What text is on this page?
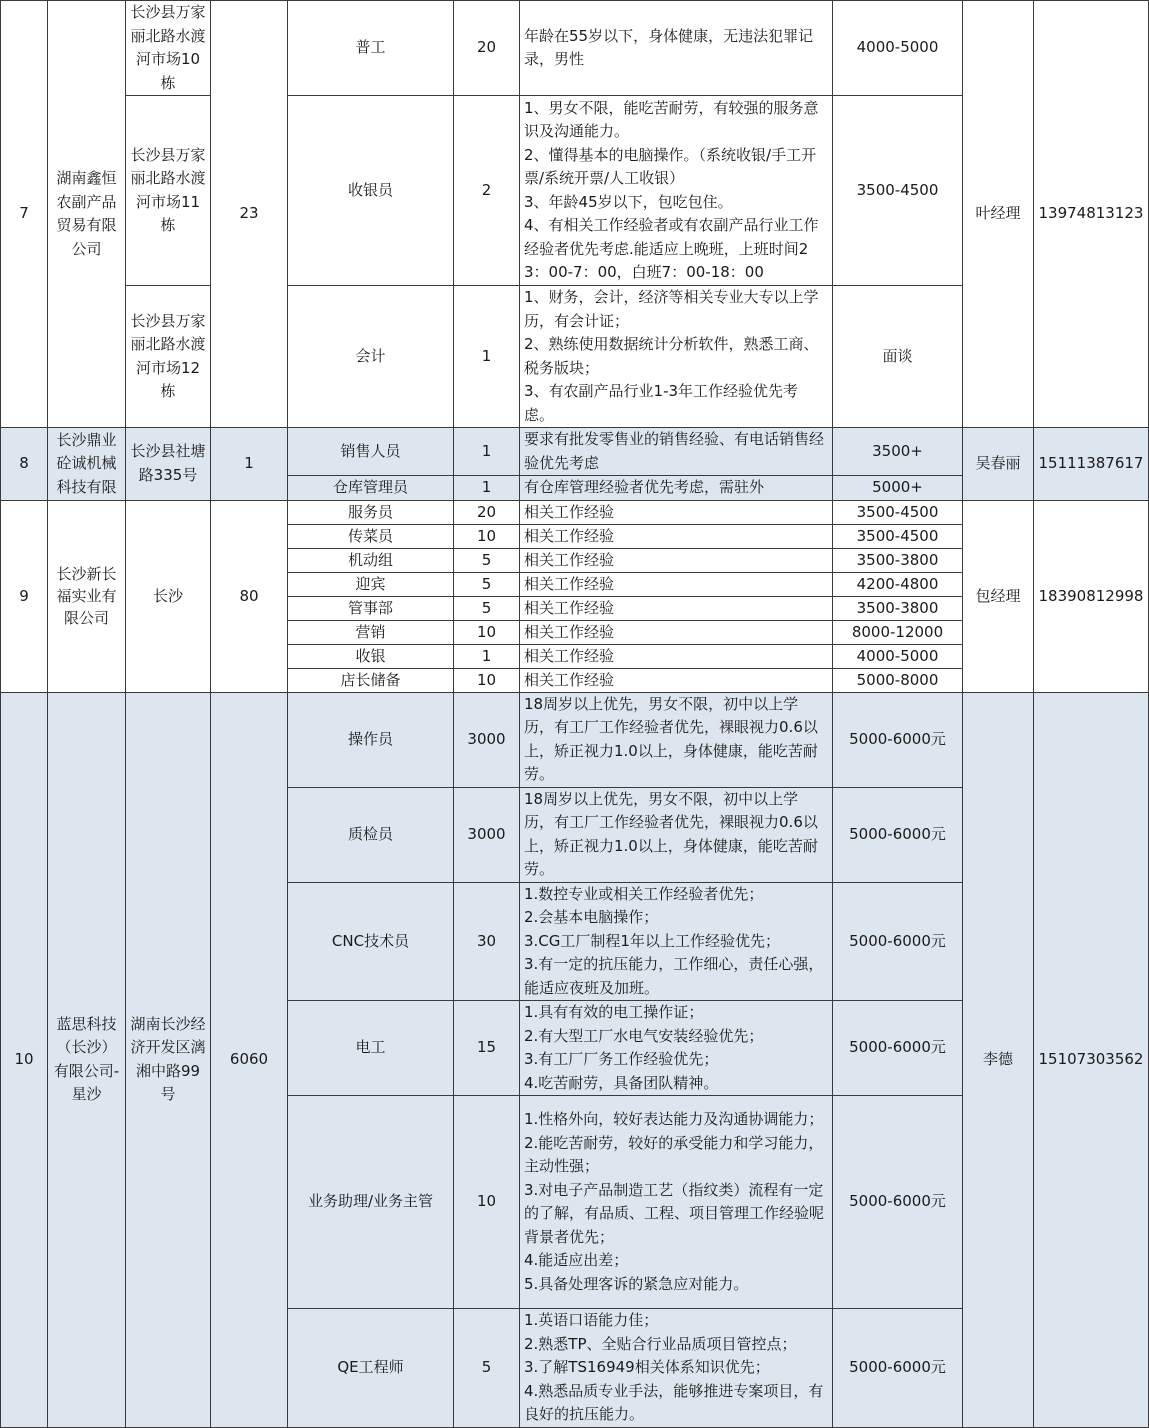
7	湖南鑫恒农副产品贸易有限公司	长沙县万家丽北路水渡河市场10栋	23	普工	20	年龄在55岁以下，身体健康，无违法犯罪记录，男性	4000-5000	叶经理	13974813123
		长沙县万家丽北路水渡河市场11栋		收银员	2	1、男女不限，能吃苦耐劳，有较强的服务意识及沟通能力。
2、懂得基本的电脑操作。（系统收银/手工开票/系统开票/人工收银）
3、年龄45岁以下，包吃包住。
4、有相关工作经验者或有农副产品行业工作经验者优先考虑.能适应上晚班，上班时间23：00-7：00，白班7：00-18：00	3500-4500		
		长沙县万家丽北路水渡河市场12栋		会计	1	1、财务，会计，经济等相关专业大专以上学历，有会计证；
2、熟练使用数据统计分析软件，熟悉工商、税务版块；
3、有农副产品行业1-3年工作经验优先考虑。	面谈		
8	长沙鼎业砼诚机械科技有限	长沙县社塘路335号	1	销售人员	1	要求有批发零售业的销售经验、有电话销售经验优先考虑	3500+	吴春丽	15111387617
				仓库管理员	1	有仓库管理经验者优先考虑，需驻外	5000+		
9	长沙新长福实业有限公司	长沙	80	服务员	20	相关工作经验	3500-4500	包经理	18390812998
				传菜员	10	相关工作经验	3500-4500		
				机动组	5	相关工作经验	3500-3800		
				迎宾	5	相关工作经验	4200-4800		
				管事部	5	相关工作经验	3500-3800		
				营销	10	相关工作经验	8000-12000		
				收银	1	相关工作经验	4000-5000		
				店长储备	10	相关工作经验	5000-8000		
10	蓝思科技（长沙）有限公司-星沙	湖南长沙经济开发区漓湘中路99号	6060	操作员	3000	18周岁以上优先，男女不限，初中以上学历，有工厂工作经验者优先，裸眼视力0.6以上，矫正视力1.0以上，身体健康，能吃苦耐劳。	5000-6000元	李德	15107303562
				质检员	3000	18周岁以上优先，男女不限，初中以上学历，有工厂工作经验者优先，裸眼视力0.6以上，矫正视力1.0以上，身体健康，能吃苦耐劳。	5000-6000元		
				CNC技术员	30	1.数控专业或相关工作经验者优先；
2.会基本电脑操作；
3.CG工厂制程1年以上工作经验优先；
3.有一定的抗压能力，工作细心，责任心强，能适应夜班及加班。	5000-6000元		
				电工	15	1.具有有效的电工操作证；
2.有大型工厂水电气安装经验优先；
3.有工厂厂务工作经验优先；
4.吃苦耐劳，具备团队精神。	5000-6000元		
				业务助理/业务主管	10	1.性格外向，较好表达能力及沟通协调能力；
2.能吃苦耐劳，较好的承受能力和学习能力，主动性强；
3.对电子产品制造工艺（指纹类）流程有一定的了解，有品质、工程、项目管理工作经验呢背景者优先；
4.能适应出差；
5.具备处理客诉的紧急应对能力。	5000-6000元		
				QE工程师	5	1.英语口语能力佳；
2.熟悉TP、全贴合行业品质项目管控点；
3.了解TS16949相关体系知识优先；
4.熟悉品质专业手法，能够推进专案项目，有良好的抗压能力。	5000-6000元		
